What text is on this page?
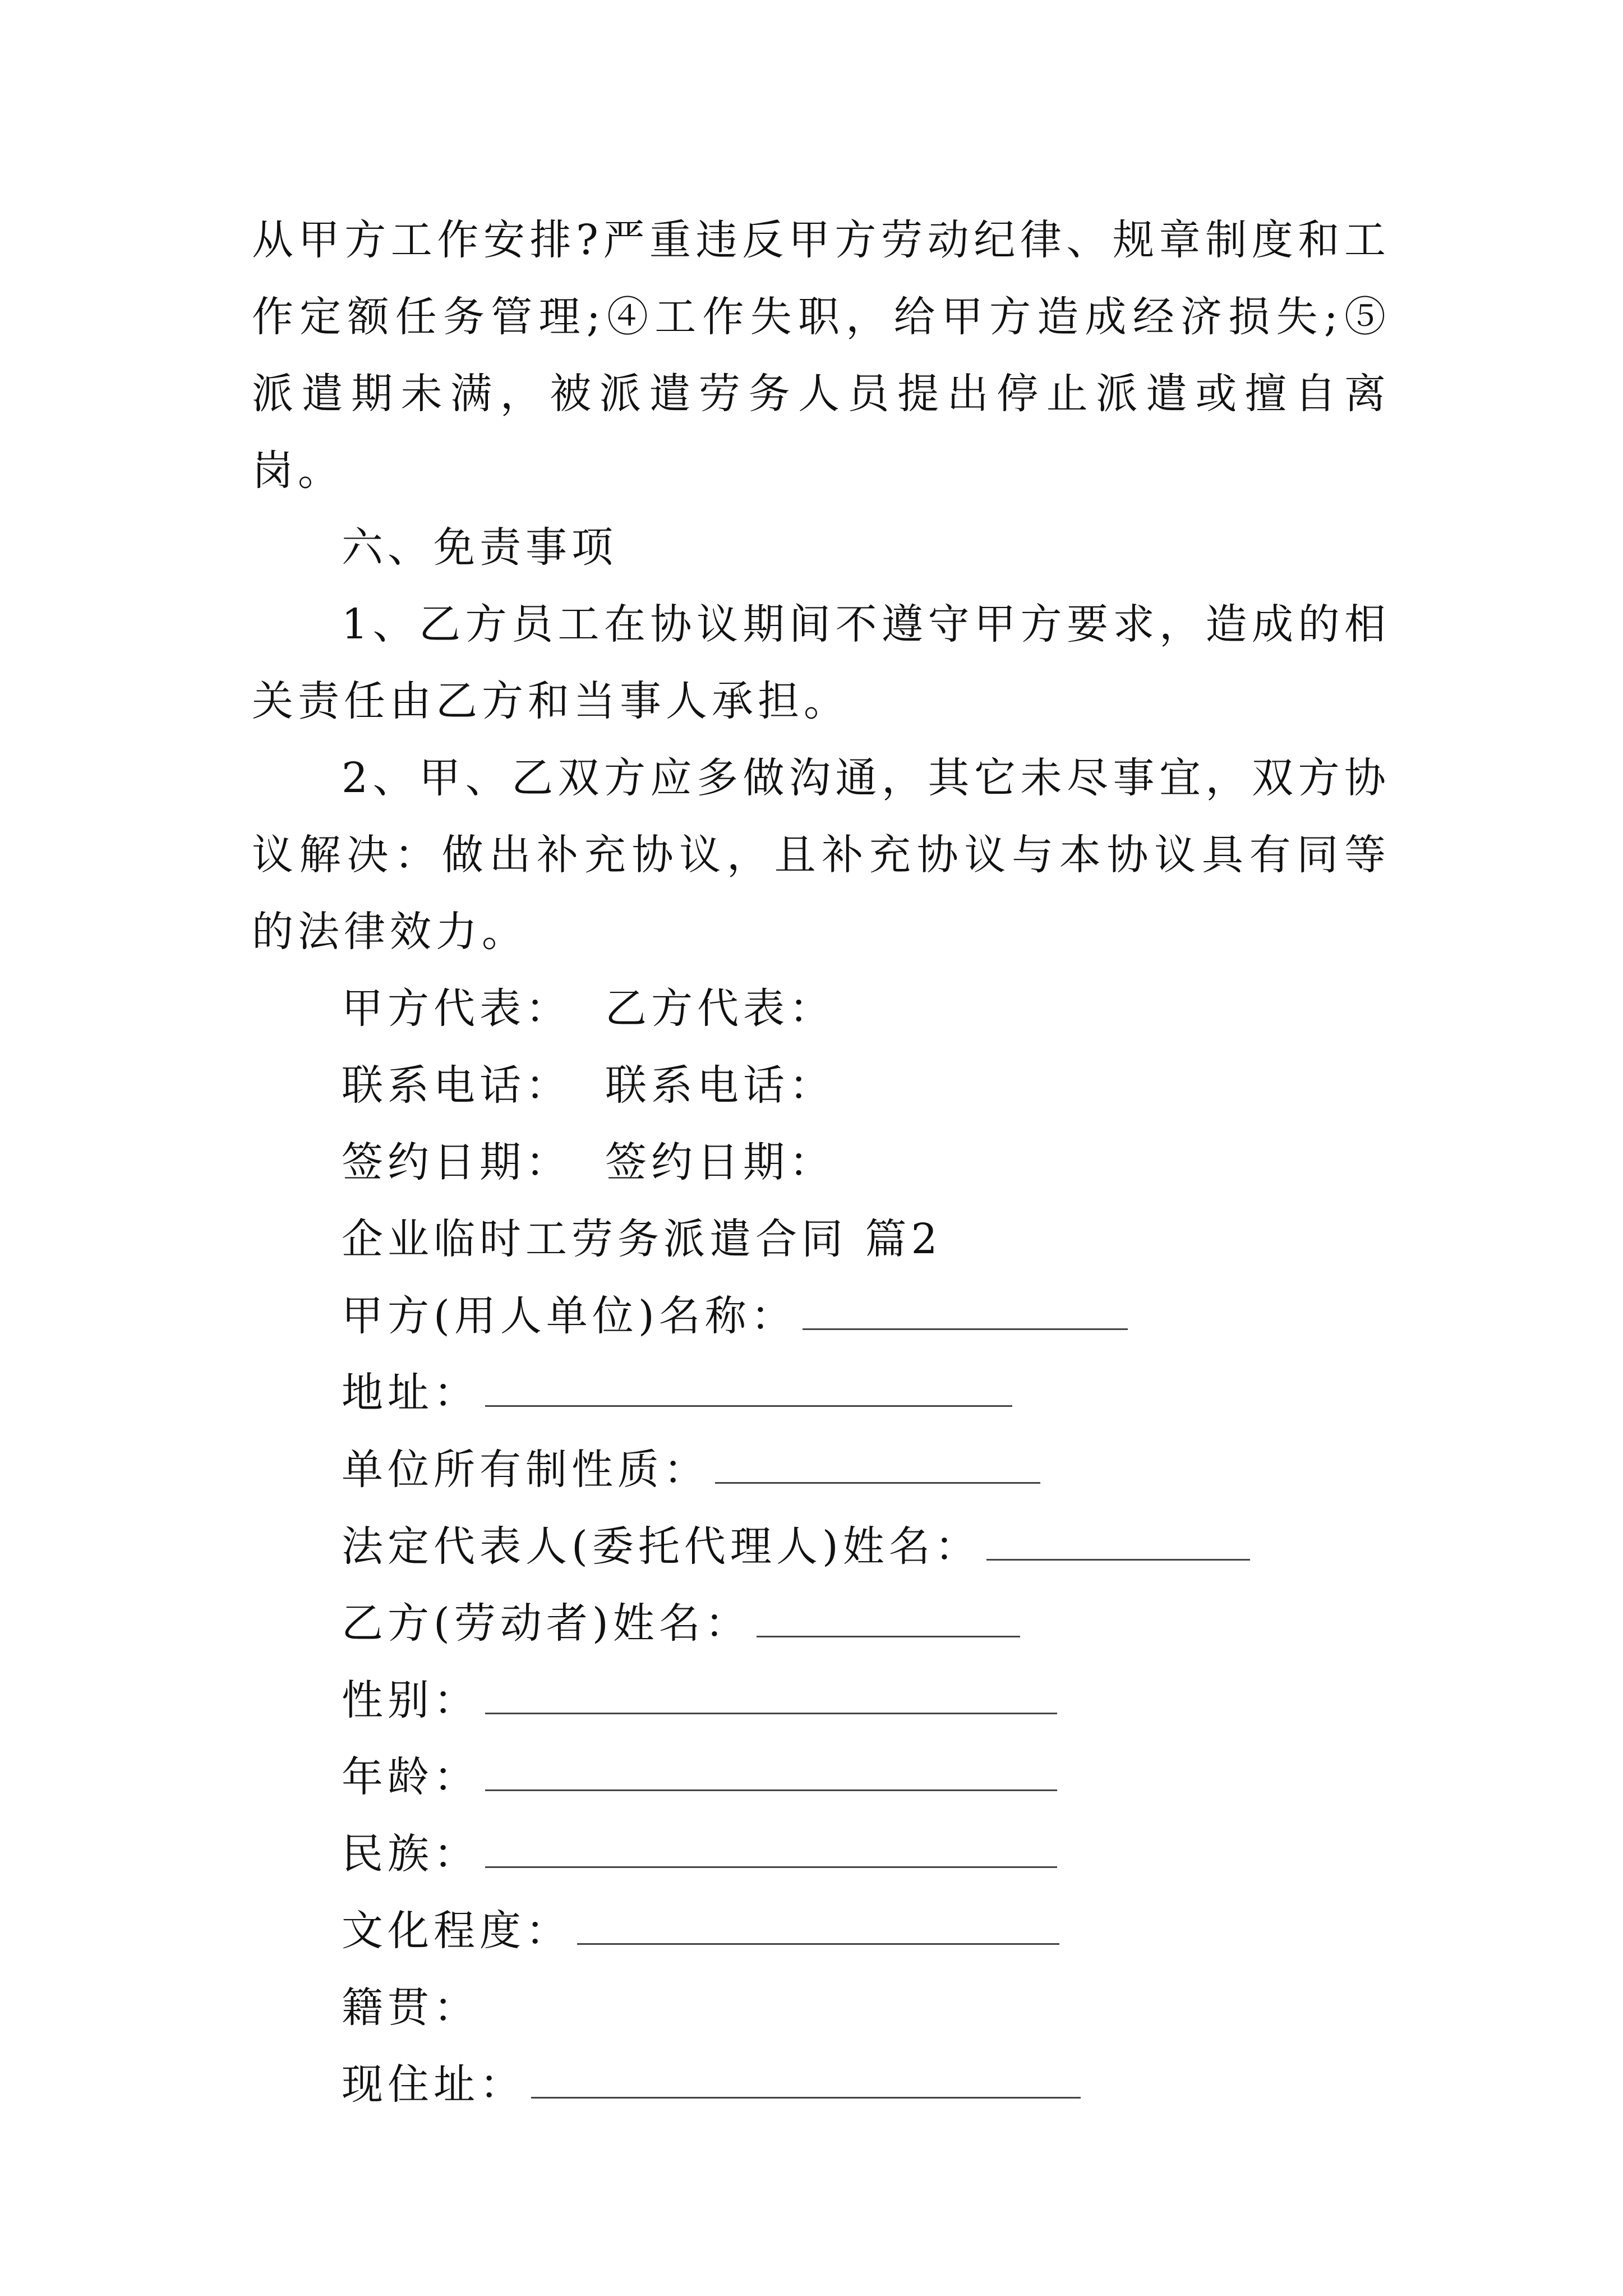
从甲方工作安排?严重违反甲方劳动纪律、规章制度和工作定额任务管理;④工作失职，给甲方造成经济损失;⑤ 派遣期未满，被派遣劳务人员提出停止派遣或擅自离岗。

六、免责事项

1、乙方员工在协议期间不遵守甲方要求，造成的相关责任由乙方和当事人承担。

2、甲、乙双方应多做沟通，其它未尽事宜，双方协议解决：做出补充协议，且补充协议与本协议具有同等的法律效力。

甲方代表： 乙方代表：

联系电话： 联系电话：

签约日期： 签约日期：

企业临时工劳务派遣合同 篇2

甲方(用人单位)名称：

地址：

单位所有制性质：

法定代表人(委托代理人)姓名：

乙方(劳动者)姓名：

性别：

年龄：

民族：

文化程度：

籍贯：

现住址：
